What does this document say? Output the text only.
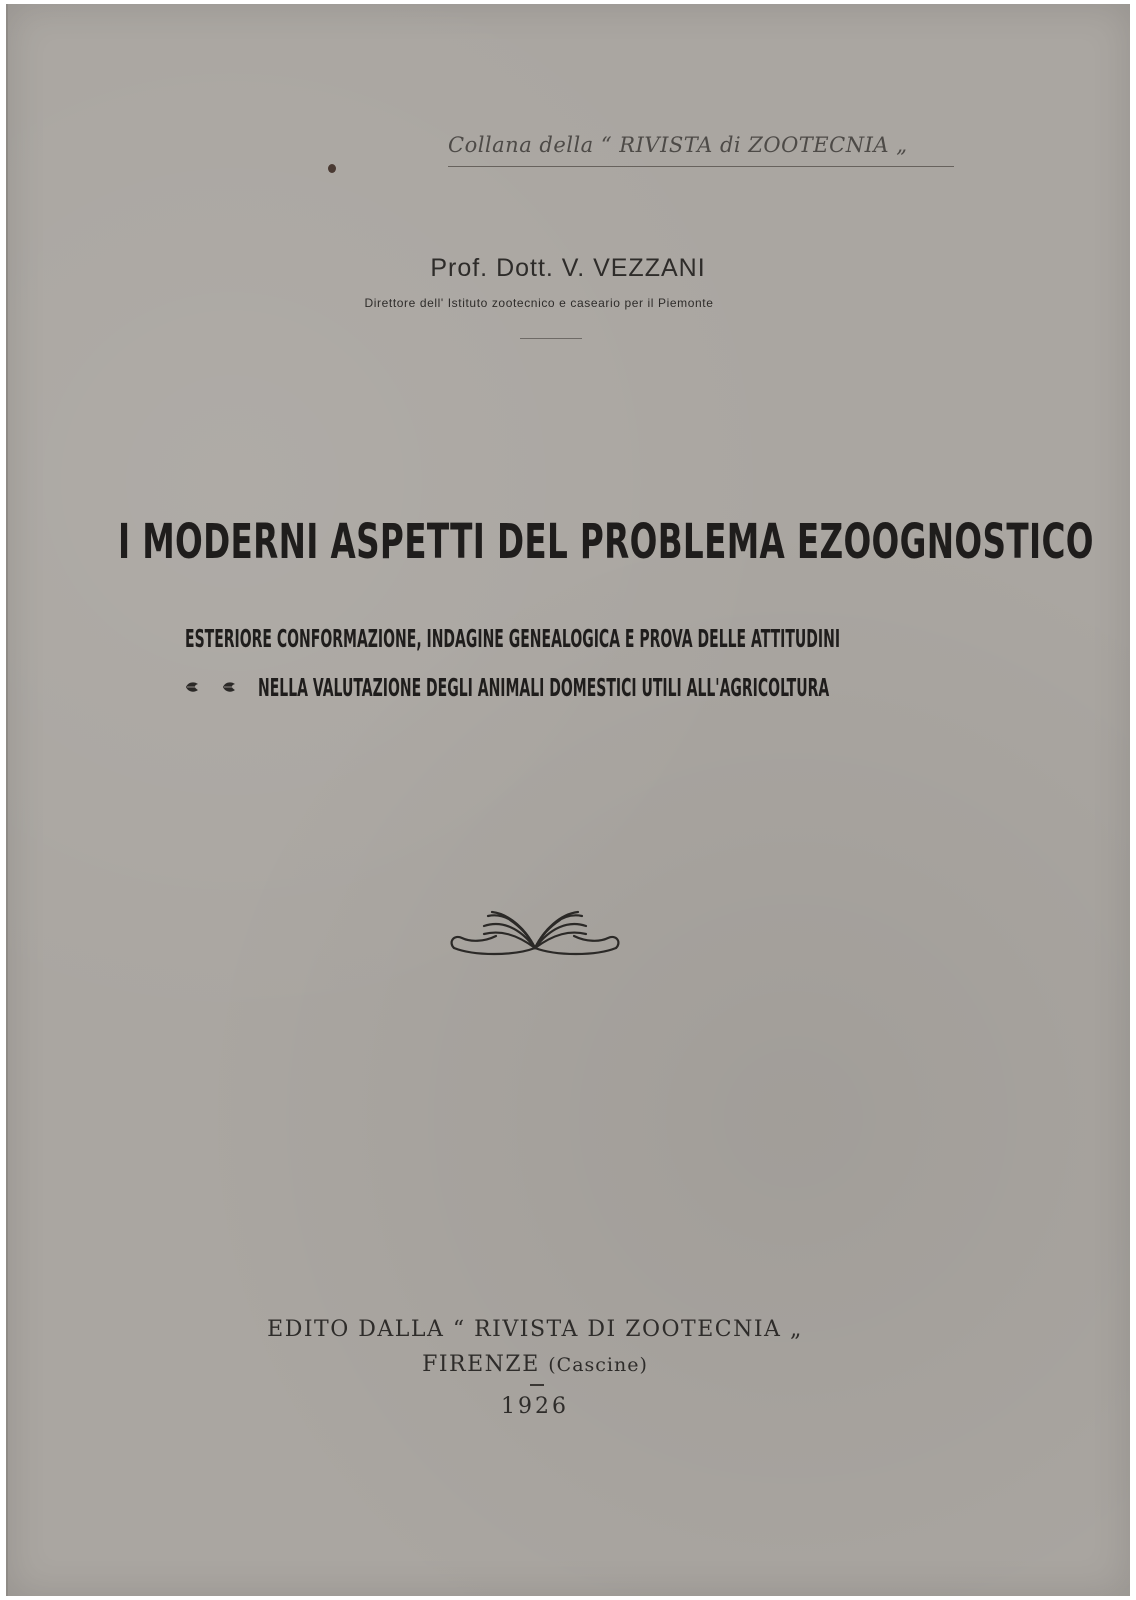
Collana della “ RIVISTA di ZOOTECNIA „
Prof. Dott. V. VEZZANI
Direttore dell' Istituto zootecnico e caseario per il Piemonte
I MODERNI ASPETTI DEL PROBLEMA EZOOGNOSTICO
ESTERIORE CONFORMAZIONE, INDAGINE GENEALOGICA E PROVA DELLE ATTITUDINI
NELLA VALUTAZIONE DEGLI ANIMALI DOMESTICI UTILI ALL'AGRICOLTURA
EDITO DALLA “ RIVISTA DI ZOOTECNIA „
FIRENZE (Cascine)
1926
